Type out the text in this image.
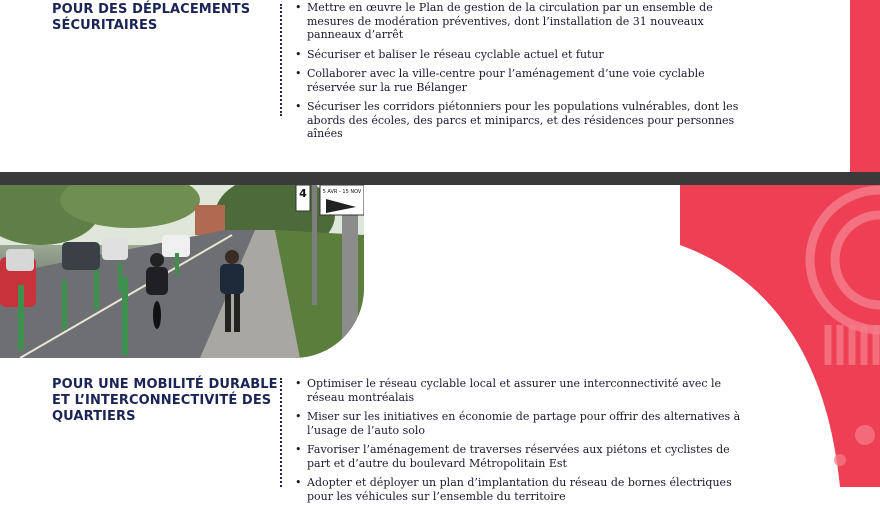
POUR DES DÉPLACEMENTS
SÉCURITAIRES
• Mettre en œuvre le Plan de gestion de la circulation par un ensemble de mesures de modération préventives, dont l’installation de 31 nouveaux panneaux d’arrêt
• Sécuriser et baliser le réseau cyclable actuel et futur
• Collaborer avec la ville-centre pour l’aménagement d’une voie cyclable réservée sur la rue Bélanger
• Sécuriser les corridors piétonniers pour les populations vulnérables, dont les abords des écoles, des parcs et miniparcs, et des résidences pour personnes aînées
4	5 AVR - 15 NOV
POUR UNE MOBILITÉ DURABLE
ET L’INTERCONNECTIVITÉ DES
QUARTIERS
• Optimiser le réseau cyclable local et assurer une interconnectivité avec le réseau montréalais
• Miser sur les initiatives en économie de partage pour offrir des alternatives à l’usage de l’auto solo
• Favoriser l’aménagement de traverses réservées aux piétons et cyclistes de part et d’autre du boulevard Métropolitain Est
• Adopter et déployer un plan d’implantation du réseau de bornes électriques pour les véhicules sur l’ensemble du territoire
